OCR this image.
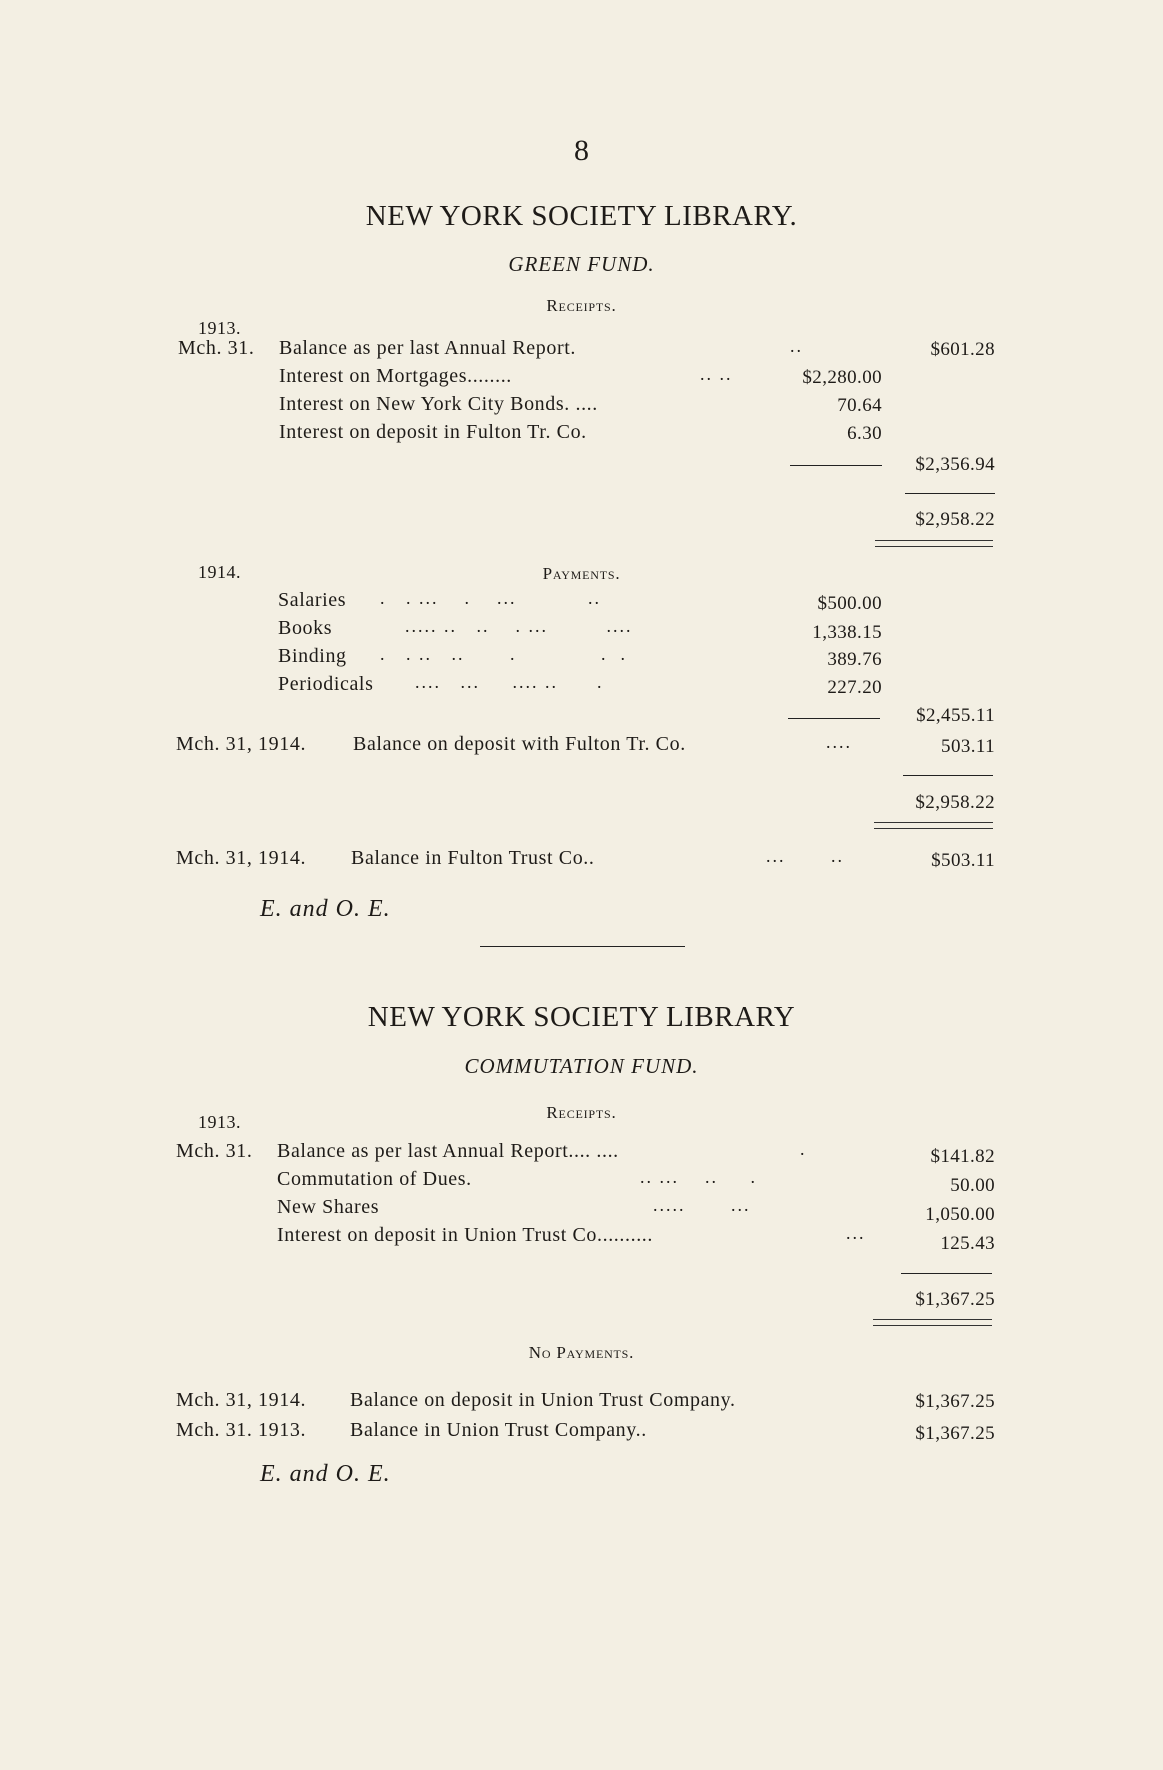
8
NEW YORK SOCIETY LIBRARY.
GREEN FUND.
Receipts.
1913.
Mch. 31. Balance as per last Annual Report.	..	$601.28
Interest on Mortgages........	.. ..	$2,280.00
Interest on New York City Bonds. ....	70.64
Interest on deposit in Fulton Tr. Co.	6.30
$2,356.94
$2,958.22
1914.	Payments.
Salaries .   . ...    .    ...           ..	$500.00
Books	..... ..   ..    . ...         ....	1,338.15
Binding .   . ..   ..       .             .  .	389.76
Periodicals ....   ...     .... ..      .	227.20
$2,455.11
Mch. 31, 1914. Balance on deposit with Fulton Tr. Co.	....	503.11
$2,958.22
Mch. 31, 1914. Balance in Fulton Trust Co..	...       ..	$503.11
E. and O. E.
NEW YORK SOCIETY LIBRARY
COMMUTATION FUND.
Receipts.
1913.
Mch. 31. Balance as per last Annual Report.... ....	.	$141.82
Commutation of Dues.	.. ...    ..     .	50.00
New Shares	.....       ...	1,050.00
Interest on deposit in Union Trust Co..........	...	125.43
$1,367.25
No Payments.
Mch. 31, 1914. Balance on deposit in Union Trust Company.	$1,367.25
Mch. 31. 1913. Balance in Union Trust Company..	$1,367.25
E. and O. E.
